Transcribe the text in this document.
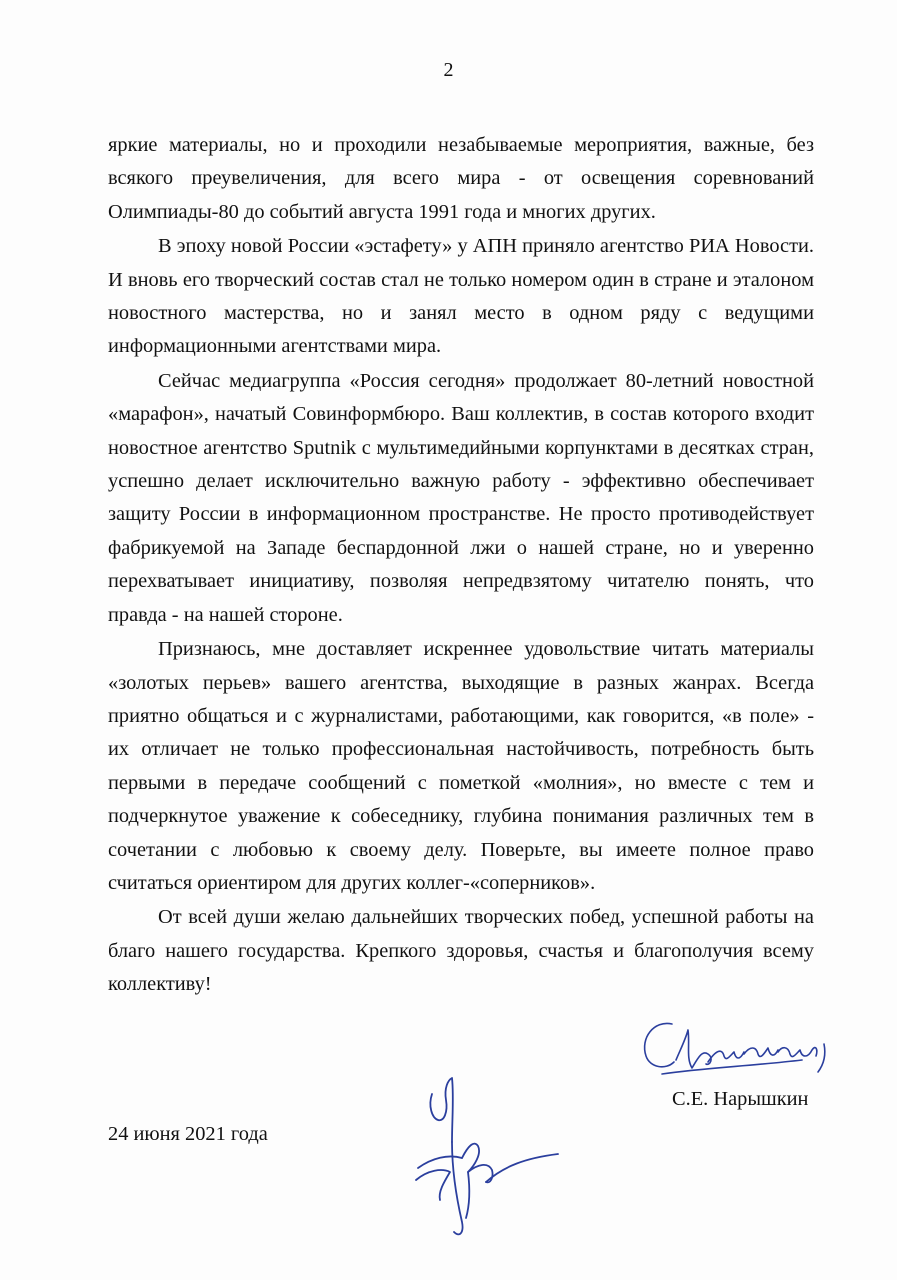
2

яркие материалы, но и проходили незабываемые мероприятия, важные, без всякого преувеличения, для всего мира - от освещения соревнований Олимпиады-80 до событий августа 1991 года и многих других.

В эпоху новой России «эстафету» у АПН приняло агентство РИА Новости. И вновь его творческий состав стал не только номером один в стране и эталоном новостного мастерства, но и занял место в одном ряду с ведущими информационными агентствами мира.

Сейчас медиагруппа «Россия сегодня» продолжает 80-летний новостной «марафон», начатый Совинформбюро. Ваш коллектив, в состав которого входит новостное агентство Sputnik с мультимедийными корпунктами в десятках стран, успешно делает исключительно важную работу - эффективно обеспечивает защиту России в информационном пространстве. Не просто противодействует фабрикуемой на Западе беспардонной лжи о нашей стране, но и уверенно перехватывает инициативу, позволяя непредвзятому читателю понять, что правда - на нашей стороне.

Признаюсь, мне доставляет искреннее удовольствие читать материалы «золотых перьев» вашего агентства, выходящие в разных жанрах. Всегда приятно общаться и с журналистами, работающими, как говорится, «в поле» - их отличает не только профессиональная настойчивость, потребность быть первыми в передаче сообщений с пометкой «молния», но вместе с тем и подчеркнутое уважение к собеседнику, глубина понимания различных тем в сочетании с любовью к своему делу. Поверьте, вы имеете полное право считаться ориентиром для других коллег-«соперников».

От всей души желаю дальнейших творческих побед, успешной работы на благо нашего государства. Крепкого здоровья, счастья и благополучия всему коллективу!

С.Е. Нарышкин
24 июня 2021 года
